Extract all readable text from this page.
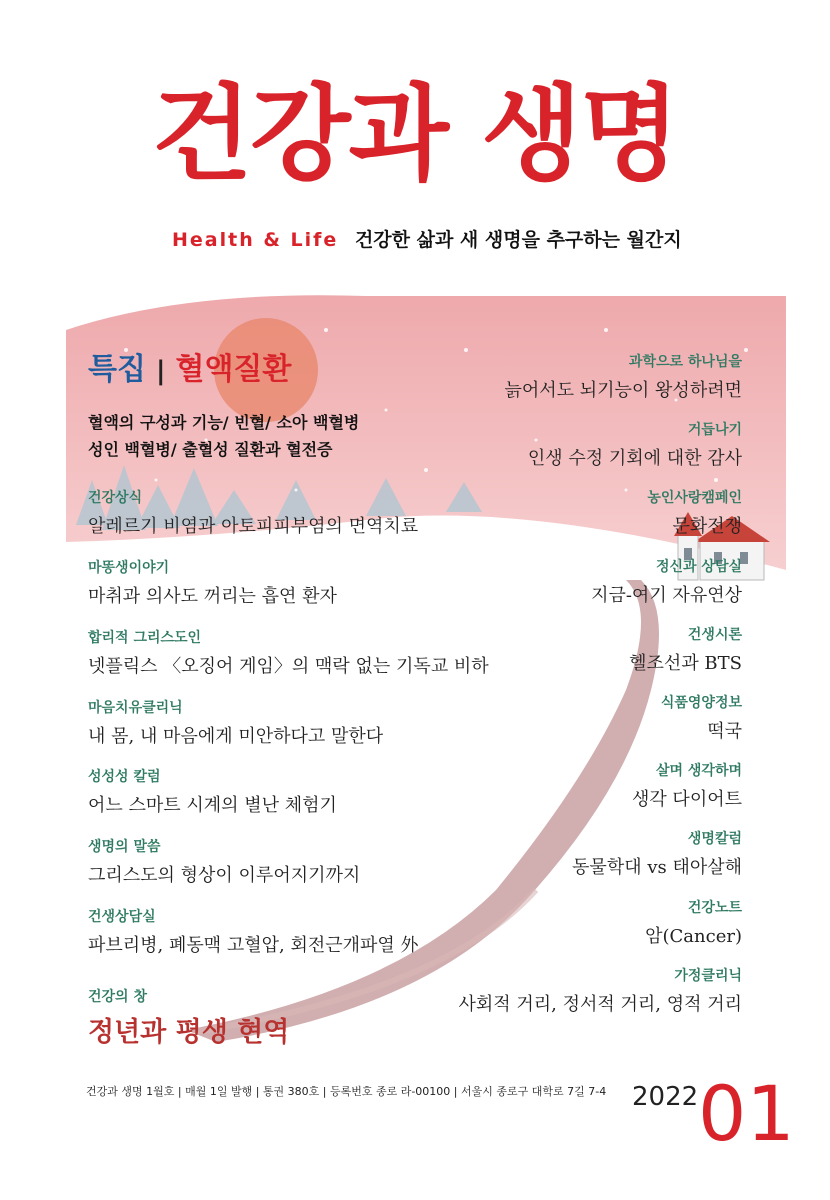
건강과 생명
Health & Life 건강한 삶과 새 생명을 추구하는 월간지
특집 | 혈액질환
혈액의 구성과 기능/ 빈혈/ 소아 백혈병
성인 백혈병/ 출혈성 질환과 혈전증
건강상식
알레르기 비염과 아토피피부염의 면역치료
마똥생이야기
마취과 의사도 꺼리는 흡연 환자
합리적 그리스도인
넷플릭스 〈오징어 게임〉의 맥락 없는 기독교 비하
마음치유클리닉
내 몸, 내 마음에게 미안하다고 말한다
성성성 칼럼
어느 스마트 시계의 별난 체험기
생명의 말씀
그리스도의 형상이 이루어지기까지
건생상담실
파브리병, 폐동맥 고혈압, 회전근개파열 外
건강의 창
정년과 평생 현역
과학으로 하나님을
늙어서도 뇌기능이 왕성하려면
거듭나기
인생 수정 기회에 대한 감사
농인사랑캠페인
문화전쟁
정신과 상담실
지금-여기 자유연상
건생시론
헬조선과 BTS
식품영양정보
떡국
살며 생각하며
생각 다이어트
생명칼럼
동물학대 vs 태아살해
건강노트
암(Cancer)
가정클리닉
사회적 거리, 정서적 거리, 영적 거리
건강과 생명 1월호 | 매월 1일 발행 | 통권 380호 | 등록번호 종로 라-00100 | 서울시 종로구 대학로 7길 7-4 2022 01
